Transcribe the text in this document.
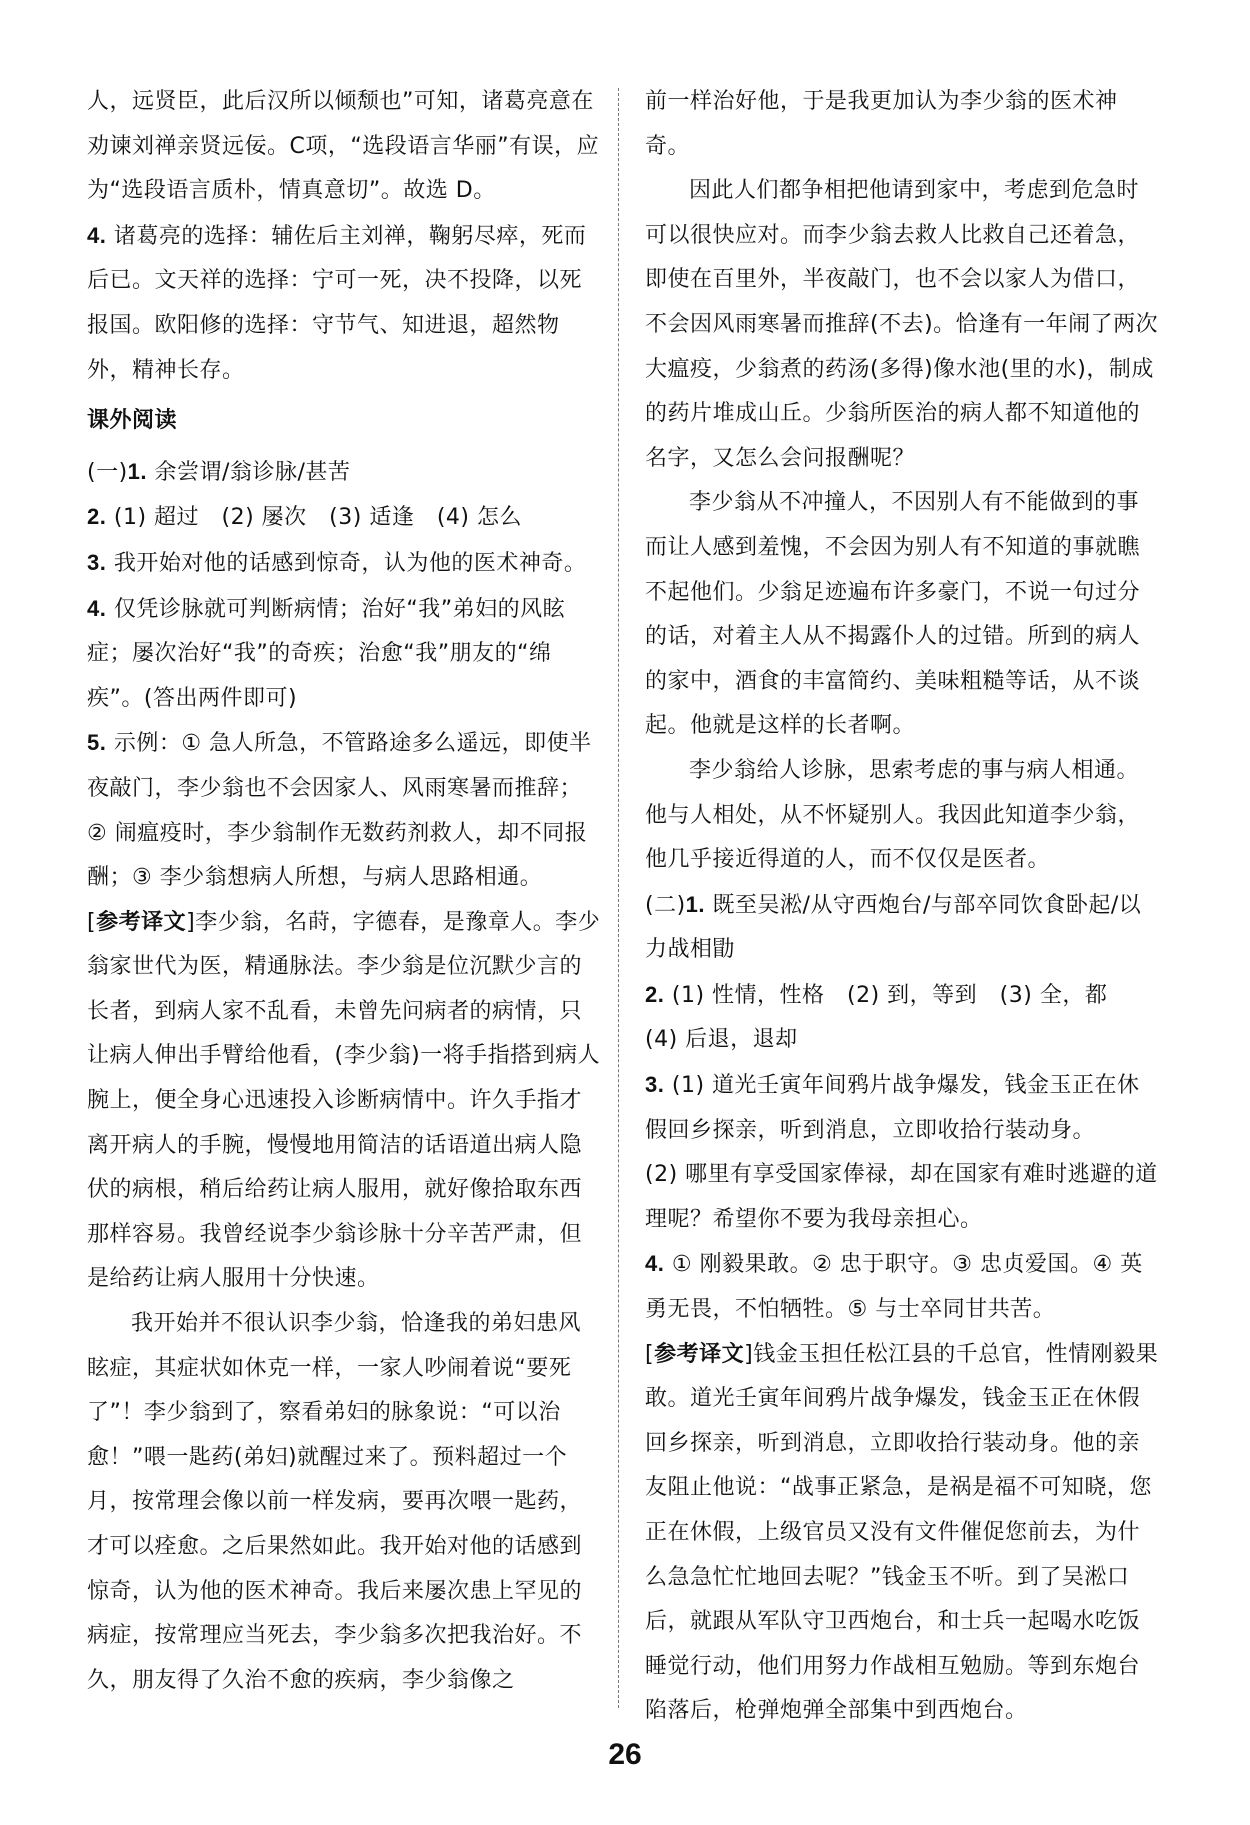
人，远贤臣，此后汉所以倾颓也”可知，诸葛亮意在劝谏刘禅亲贤远佞。C项，“选段语言华丽”有误，应为“选段语言质朴，情真意切”。故选 D。

4. 诸葛亮的选择：辅佐后主刘禅，鞠躬尽瘁，死而后已。文天祥的选择：宁可一死，决不投降，以死报国。欧阳修的选择：守节气、知进退，超然物外，精神长存。

课外阅读

(一)1. 余尝谓/翁诊脉/甚苦

2. (1) 超过　(2) 屡次　(3) 适逢　(4) 怎么

3. 我开始对他的话感到惊奇，认为他的医术神奇。

4. 仅凭诊脉就可判断病情；治好“我”弟妇的风眩症；屡次治好“我”的奇疾；治愈“我”朋友的“绵疾”。(答出两件即可)

5. 示例：① 急人所急，不管路途多么遥远，即使半夜敲门，李少翁也不会因家人、风雨寒暑而推辞；② 闹瘟疫时，李少翁制作无数药剂救人，却不同报酬；③ 李少翁想病人所想，与病人思路相通。

[参考译文]李少翁，名莳，字德春，是豫章人。李少翁家世代为医，精通脉法。李少翁是位沉默少言的长者，到病人家不乱看，未曾先问病者的病情，只让病人伸出手臂给他看，(李少翁)一将手指搭到病人腕上，便全身心迅速投入诊断病情中。许久手指才离开病人的手腕，慢慢地用简洁的话语道出病人隐伏的病根，稍后给药让病人服用，就好像拾取东西那样容易。我曾经说李少翁诊脉十分辛苦严肃，但是给药让病人服用十分快速。

我开始并不很认识李少翁，恰逢我的弟妇患风眩症，其症状如休克一样，一家人吵闹着说“要死了”！李少翁到了，察看弟妇的脉象说：“可以治愈！”喂一匙药(弟妇)就醒过来了。预料超过一个月，按常理会像以前一样发病，要再次喂一匙药，才可以痊愈。之后果然如此。我开始对他的话感到惊奇，认为他的医术神奇。我后来屡次患上罕见的病症，按常理应当死去，李少翁多次把我治好。不久，朋友得了久治不愈的疾病，李少翁像之

前一样治好他，于是我更加认为李少翁的医术神奇。

因此人们都争相把他请到家中，考虑到危急时可以很快应对。而李少翁去救人比救自己还着急，即使在百里外，半夜敲门，也不会以家人为借口，不会因风雨寒暑而推辞(不去)。恰逢有一年闹了两次大瘟疫，少翁煮的药汤(多得)像水池(里的水)，制成的药片堆成山丘。少翁所医治的病人都不知道他的名字，又怎么会问报酬呢？

李少翁从不冲撞人，不因别人有不能做到的事而让人感到羞愧，不会因为别人有不知道的事就瞧不起他们。少翁足迹遍布许多豪门，不说一句过分的话，对着主人从不揭露仆人的过错。所到的病人的家中，酒食的丰富简约、美味粗糙等话，从不谈起。他就是这样的长者啊。

李少翁给人诊脉，思索考虑的事与病人相通。他与人相处，从不怀疑别人。我因此知道李少翁，他几乎接近得道的人，而不仅仅是医者。

(二)1. 既至吴淞/从守西炮台/与部卒同饮食卧起/以力战相勖

2. (1) 性情，性格　(2) 到，等到　(3) 全，都　(4) 后退，退却

3. (1) 道光壬寅年间鸦片战争爆发，钱金玉正在休假回乡探亲，听到消息，立即收拾行装动身。

(2) 哪里有享受国家俸禄，却在国家有难时逃避的道理呢？希望你不要为我母亲担心。

4. ① 刚毅果敢。② 忠于职守。③ 忠贞爱国。④ 英勇无畏，不怕牺牲。⑤ 与士卒同甘共苦。

[参考译文]钱金玉担任松江县的千总官，性情刚毅果敢。道光壬寅年间鸦片战争爆发，钱金玉正在休假回乡探亲，听到消息，立即收拾行装动身。他的亲友阻止他说：“战事正紧急，是祸是福不可知晓，您正在休假，上级官员又没有文件催促您前去，为什么急急忙忙地回去呢？”钱金玉不听。到了吴淞口后，就跟从军队守卫西炮台，和士兵一起喝水吃饭睡觉行动，他们用努力作战相互勉励。等到东炮台陷落后，枪弹炮弹全部集中到西炮台。

26
